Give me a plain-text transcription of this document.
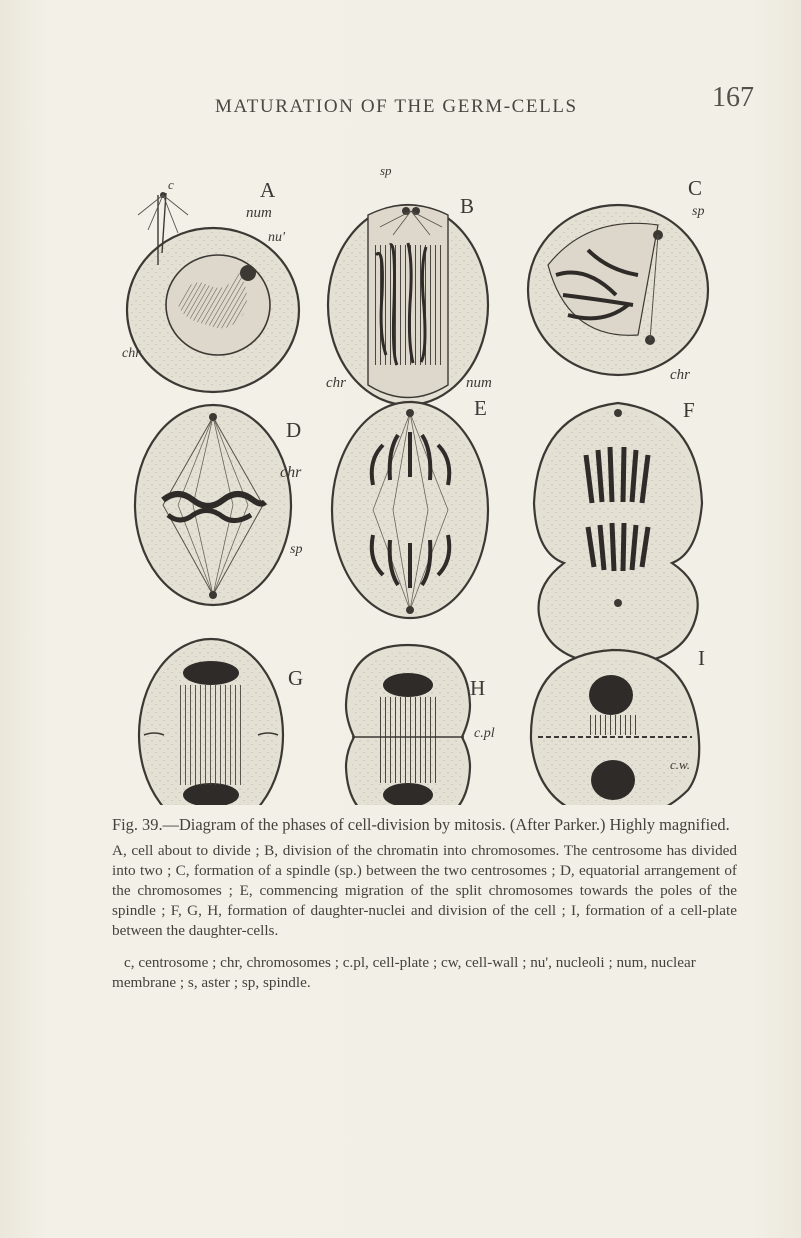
MATURATION OF THE GERM-CELLS	167
A
c
num
nu'
chr
B
sp
chr	num
C
sp
chr
D
chr
sp
E	F
G	H
c.pl
I
c.w.

Fig. 39.—Diagram of the phases of cell-division by mitosis. (After Parker.) Highly magnified.

A, cell about to divide ; B, division of the chromatin into chromosomes. The centrosome has divided into two ; C, formation of a spindle (sp.) between the two centrosomes ; D, equatorial arrangement of the chromosomes ; E, commencing migration of the split chromosomes towards the poles of the spindle ; F, G, H, formation of daughter-nuclei and division of the cell ; I, formation of a cell-plate between the daughter-cells.

c, centrosome ; chr, chromosomes ; c.pl, cell-plate ; cw, cell-wall ; nu', nucleoli ; num, nuclear membrane ; s, aster ; sp, spindle.
